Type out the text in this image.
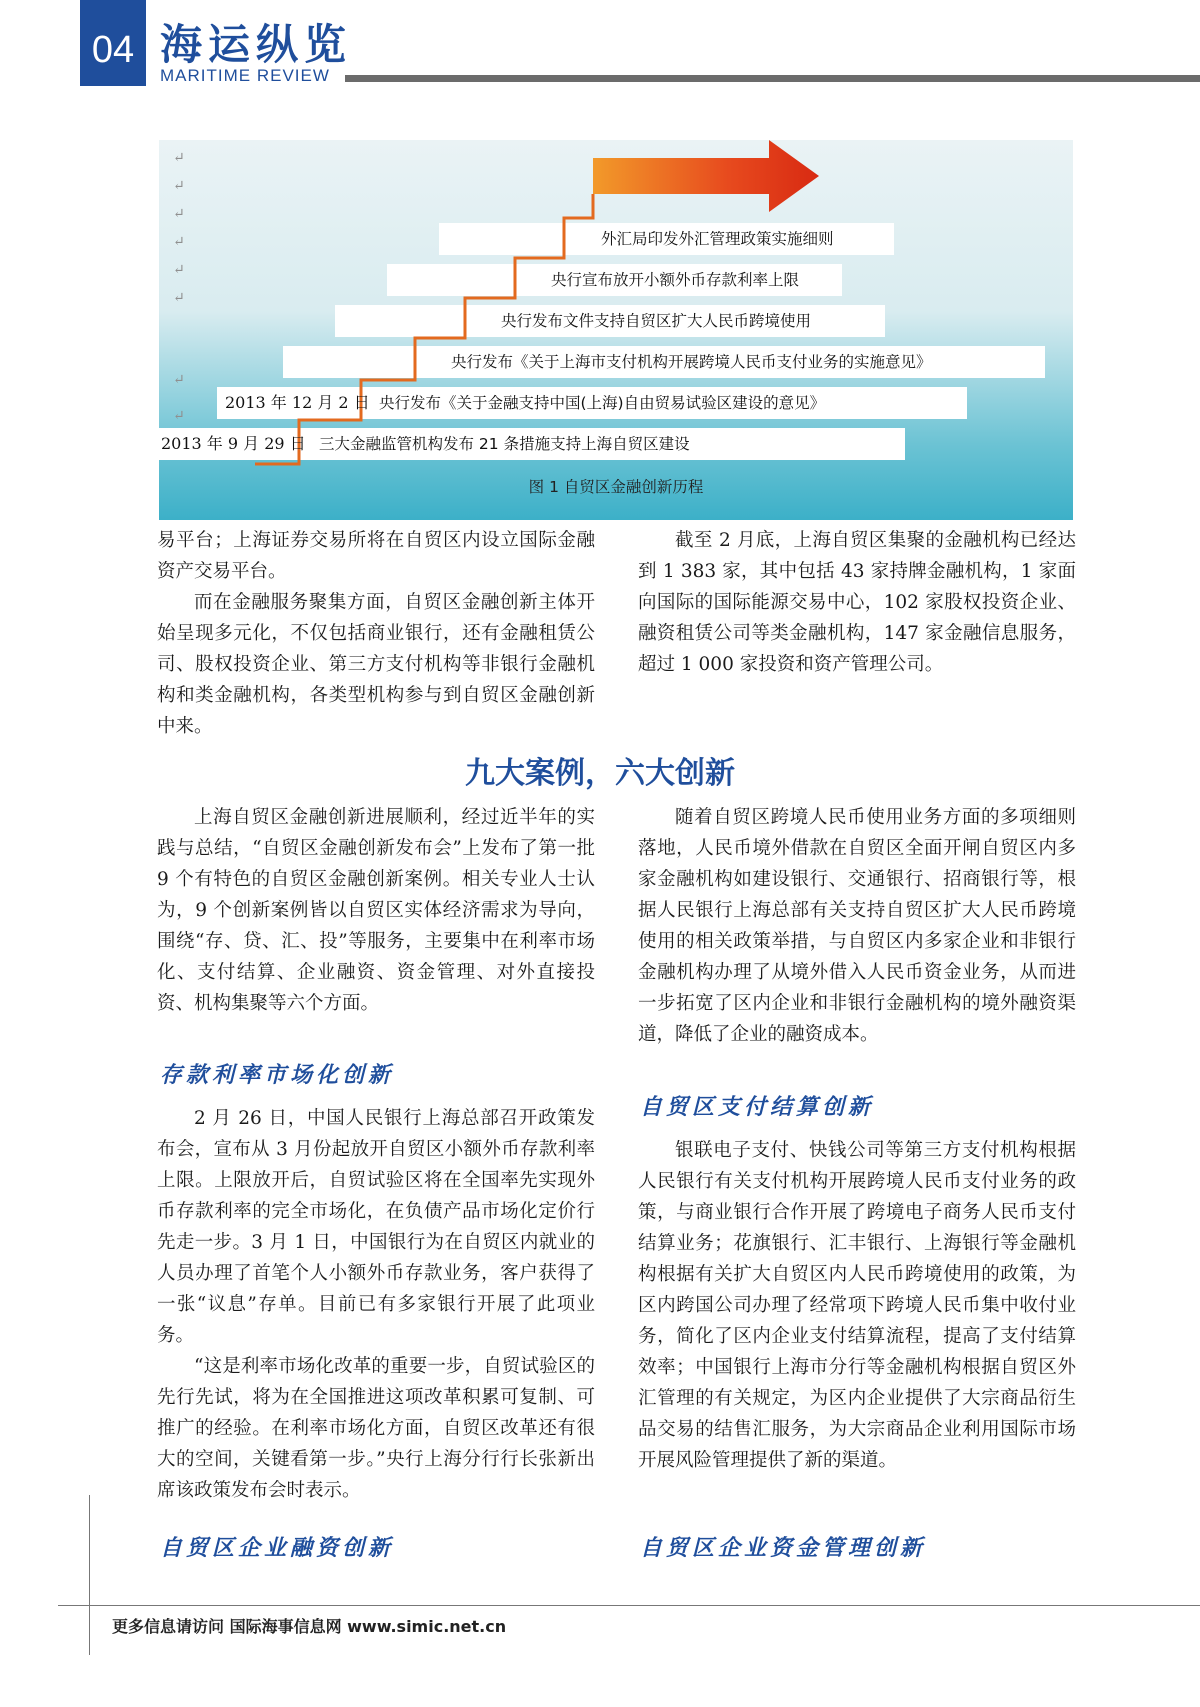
04 海运纵览
MARITIME REVIEW
↵
↵
↵
↵
↵
↵
↵
↵
外汇局印发外汇管理政策实施细则
央行宣布放开小额外币存款利率上限
央行发布文件支持自贸区扩大人民币跨境使用
央行发布《关于上海市支付机构开展跨境人民币支付业务的实施意见》
2013 年 12 月 2 日 央行发布《关于金融支持中国(上海)自由贸易试验区建设的意见》
2013 年 9 月 29 日 三大金融监管机构发布 21 条措施支持上海自贸区建设
图 1 自贸区金融创新历程

易平台；上海证券交易所将在自贸区内设立国际金融资产交易平台。

而在金融服务聚集方面，自贸区金融创新主体开始呈现多元化，不仅包括商业银行，还有金融租赁公司、股权投资企业、第三方支付机构等非银行金融机构和类金融机构，各类型机构参与到自贸区金融创新中来。

截至 2 月底，上海自贸区集聚的金融机构已经达到 1 383 家，其中包括 43 家持牌金融机构，1 家面向国际的国际能源交易中心，102 家股权投资企业、融资租赁公司等类金融机构，147 家金融信息服务，超过 1 000 家投资和资产管理公司。

九大案例，六大创新

上海自贸区金融创新进展顺利，经过近半年的实践与总结，“自贸区金融创新发布会”上发布了第一批 9 个有特色的自贸区金融创新案例。相关专业人士认为，9 个创新案例皆以自贸区实体经济需求为导向，围绕“存、贷、汇、投”等服务，主要集中在利率市场化、支付结算、企业融资、资金管理、对外直接投资、机构集聚等六个方面。

存款利率市场化创新

2 月 26 日，中国人民银行上海总部召开政策发布会，宣布从 3 月份起放开自贸区小额外币存款利率上限。上限放开后，自贸试验区将在全国率先实现外币存款利率的完全市场化，在负债产品市场化定价行先走一步。3 月 1 日，中国银行为在自贸区内就业的人员办理了首笔个人小额外币存款业务，客户获得了一张“议息”存单。目前已有多家银行开展了此项业务。

“这是利率市场化改革的重要一步，自贸试验区的先行先试，将为在全国推进这项改革积累可复制、可推广的经验。在利率市场化方面，自贸区改革还有很大的空间，关键看第一步。”央行上海分行行长张新出席该政策发布会时表示。

自贸区企业融资创新

随着自贸区跨境人民币使用业务方面的多项细则落地，人民币境外借款在自贸区全面开闸自贸区内多家金融机构如建设银行、交通银行、招商银行等，根据人民银行上海总部有关支持自贸区扩大人民币跨境使用的相关政策举措，与自贸区内多家企业和非银行金融机构办理了从境外借入人民币资金业务，从而进一步拓宽了区内企业和非银行金融机构的境外融资渠道，降低了企业的融资成本。

自贸区支付结算创新

银联电子支付、快钱公司等第三方支付机构根据人民银行有关支付机构开展跨境人民币支付业务的政策，与商业银行合作开展了跨境电子商务人民币支付结算业务；花旗银行、汇丰银行、上海银行等金融机构根据有关扩大自贸区内人民币跨境使用的政策，为区内跨国公司办理了经常项下跨境人民币集中收付业务，简化了区内企业支付结算流程，提高了支付结算效率；中国银行上海市分行等金融机构根据自贸区外汇管理的有关规定，为区内企业提供了大宗商品衍生品交易的结售汇服务，为大宗商品企业利用国际市场开展风险管理提供了新的渠道。

自贸区企业资金管理创新
更多信息请访问 国际海事信息网 www.simic.net.cn
